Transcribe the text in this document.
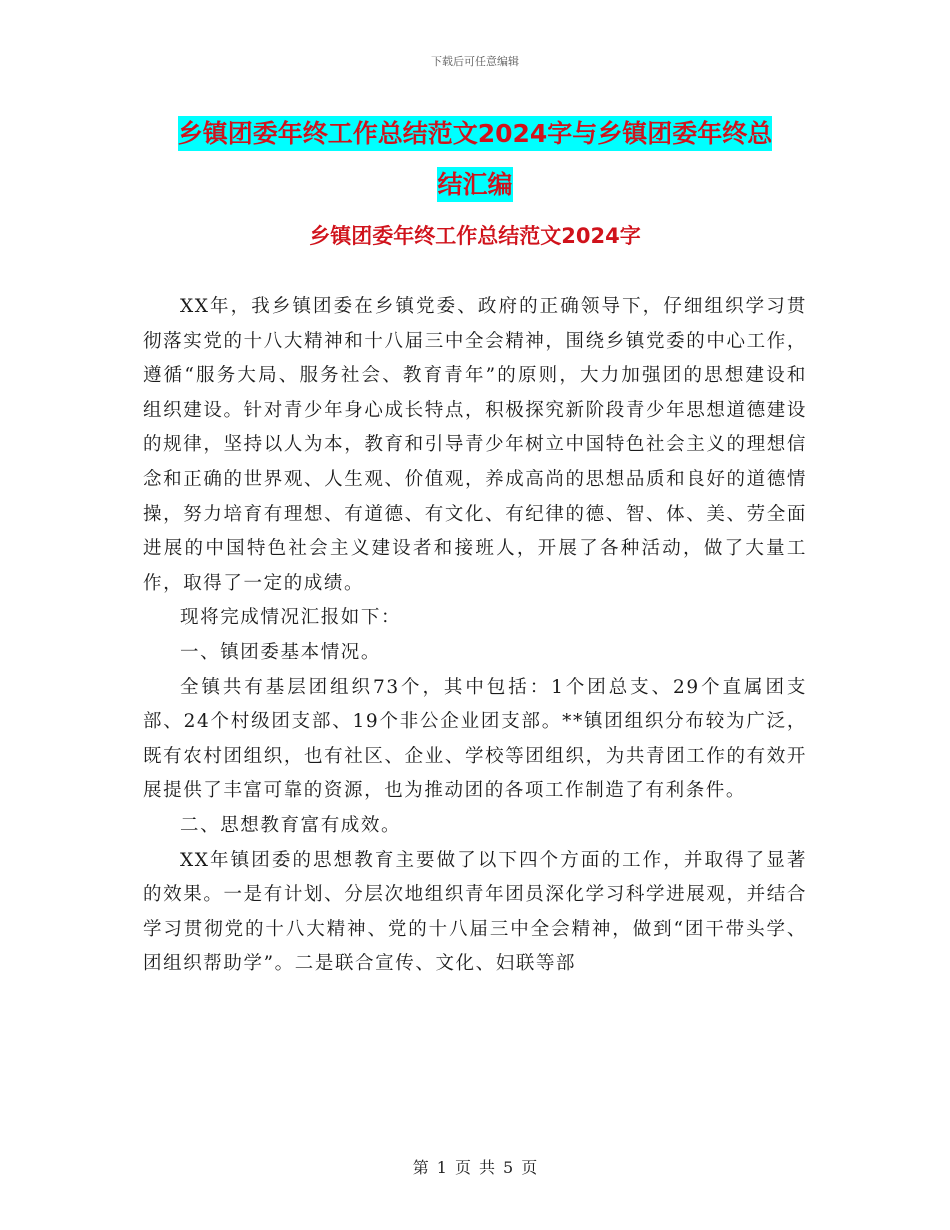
下载后可任意编辑
乡镇团委年终工作总结范文2024字与乡镇团委年终总
结汇编
乡镇团委年终工作总结范文2024字

XX年，我乡镇团委在乡镇党委、政府的正确领导下，仔细组织学习贯彻落实党的十八大精神和十八届三中全会精神，围绕乡镇党委的中心工作，遵循“服务大局、服务社会、教育青年”的原则，大力加强团的思想建设和组织建设。针对青少年身心成长特点，积极探究新阶段青少年思想道德建设的规律，坚持以人为本，教育和引导青少年树立中国特色社会主义的理想信念和正确的世界观、人生观、价值观，养成高尚的思想品质和良好的道德情操，努力培育有理想、有道德、有文化、有纪律的德、智、体、美、劳全面进展的中国特色社会主义建设者和接班人，开展了各种活动，做了大量工作，取得了一定的成绩。

现将完成情况汇报如下：

一、镇团委基本情况。

全镇共有基层团组织73个，其中包括：1个团总支、29个直属团支部、24个村级团支部、19个非公企业团支部。**镇团组织分布较为广泛，既有农村团组织，也有社区、企业、学校等团组织，为共青团工作的有效开展提供了丰富可靠的资源，也为推动团的各项工作制造了有利条件。

二、思想教育富有成效。

XX年镇团委的思想教育主要做了以下四个方面的工作，并取得了显著的效果。一是有计划、分层次地组织青年团员深化学习科学进展观，并结合学习贯彻党的十八大精神、党的十八届三中全会精神，做到“团干带头学、团组织帮助学”。二是联合宣传、文化、妇联等部

第 1 页 共 5 页
